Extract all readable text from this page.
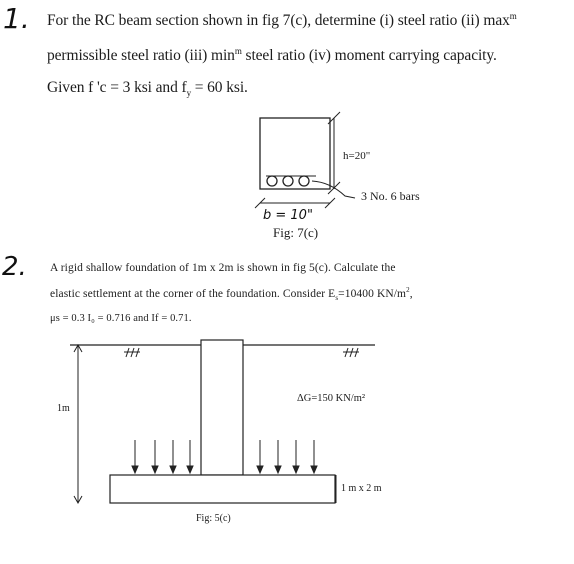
1. For the RC beam section shown in fig 7(c), determine (i) steel ratio (ii) $\max^m$
permissible steel ratio (iii) $\min^m$ steel ratio (iv) moment carrying capacity.
Given f 'c = 3 ksi and $f_y = 60$ ksi.
h=20"
3 No. 6 bars
b = 10"
Fig: 7(c)
2. A rigid shallow foundation of 1m x 2m is shown in fig 5(c). Calculate the
elastic settlement at the corner of the foundation. Consider $E_s=10400$ $KN/m^2$,
μs = 0.3 I₀ = 0.716 and If = 0.71.
1m
ΔG=150 KN/m²
1 m x 2 m
Fig: 5(c)
